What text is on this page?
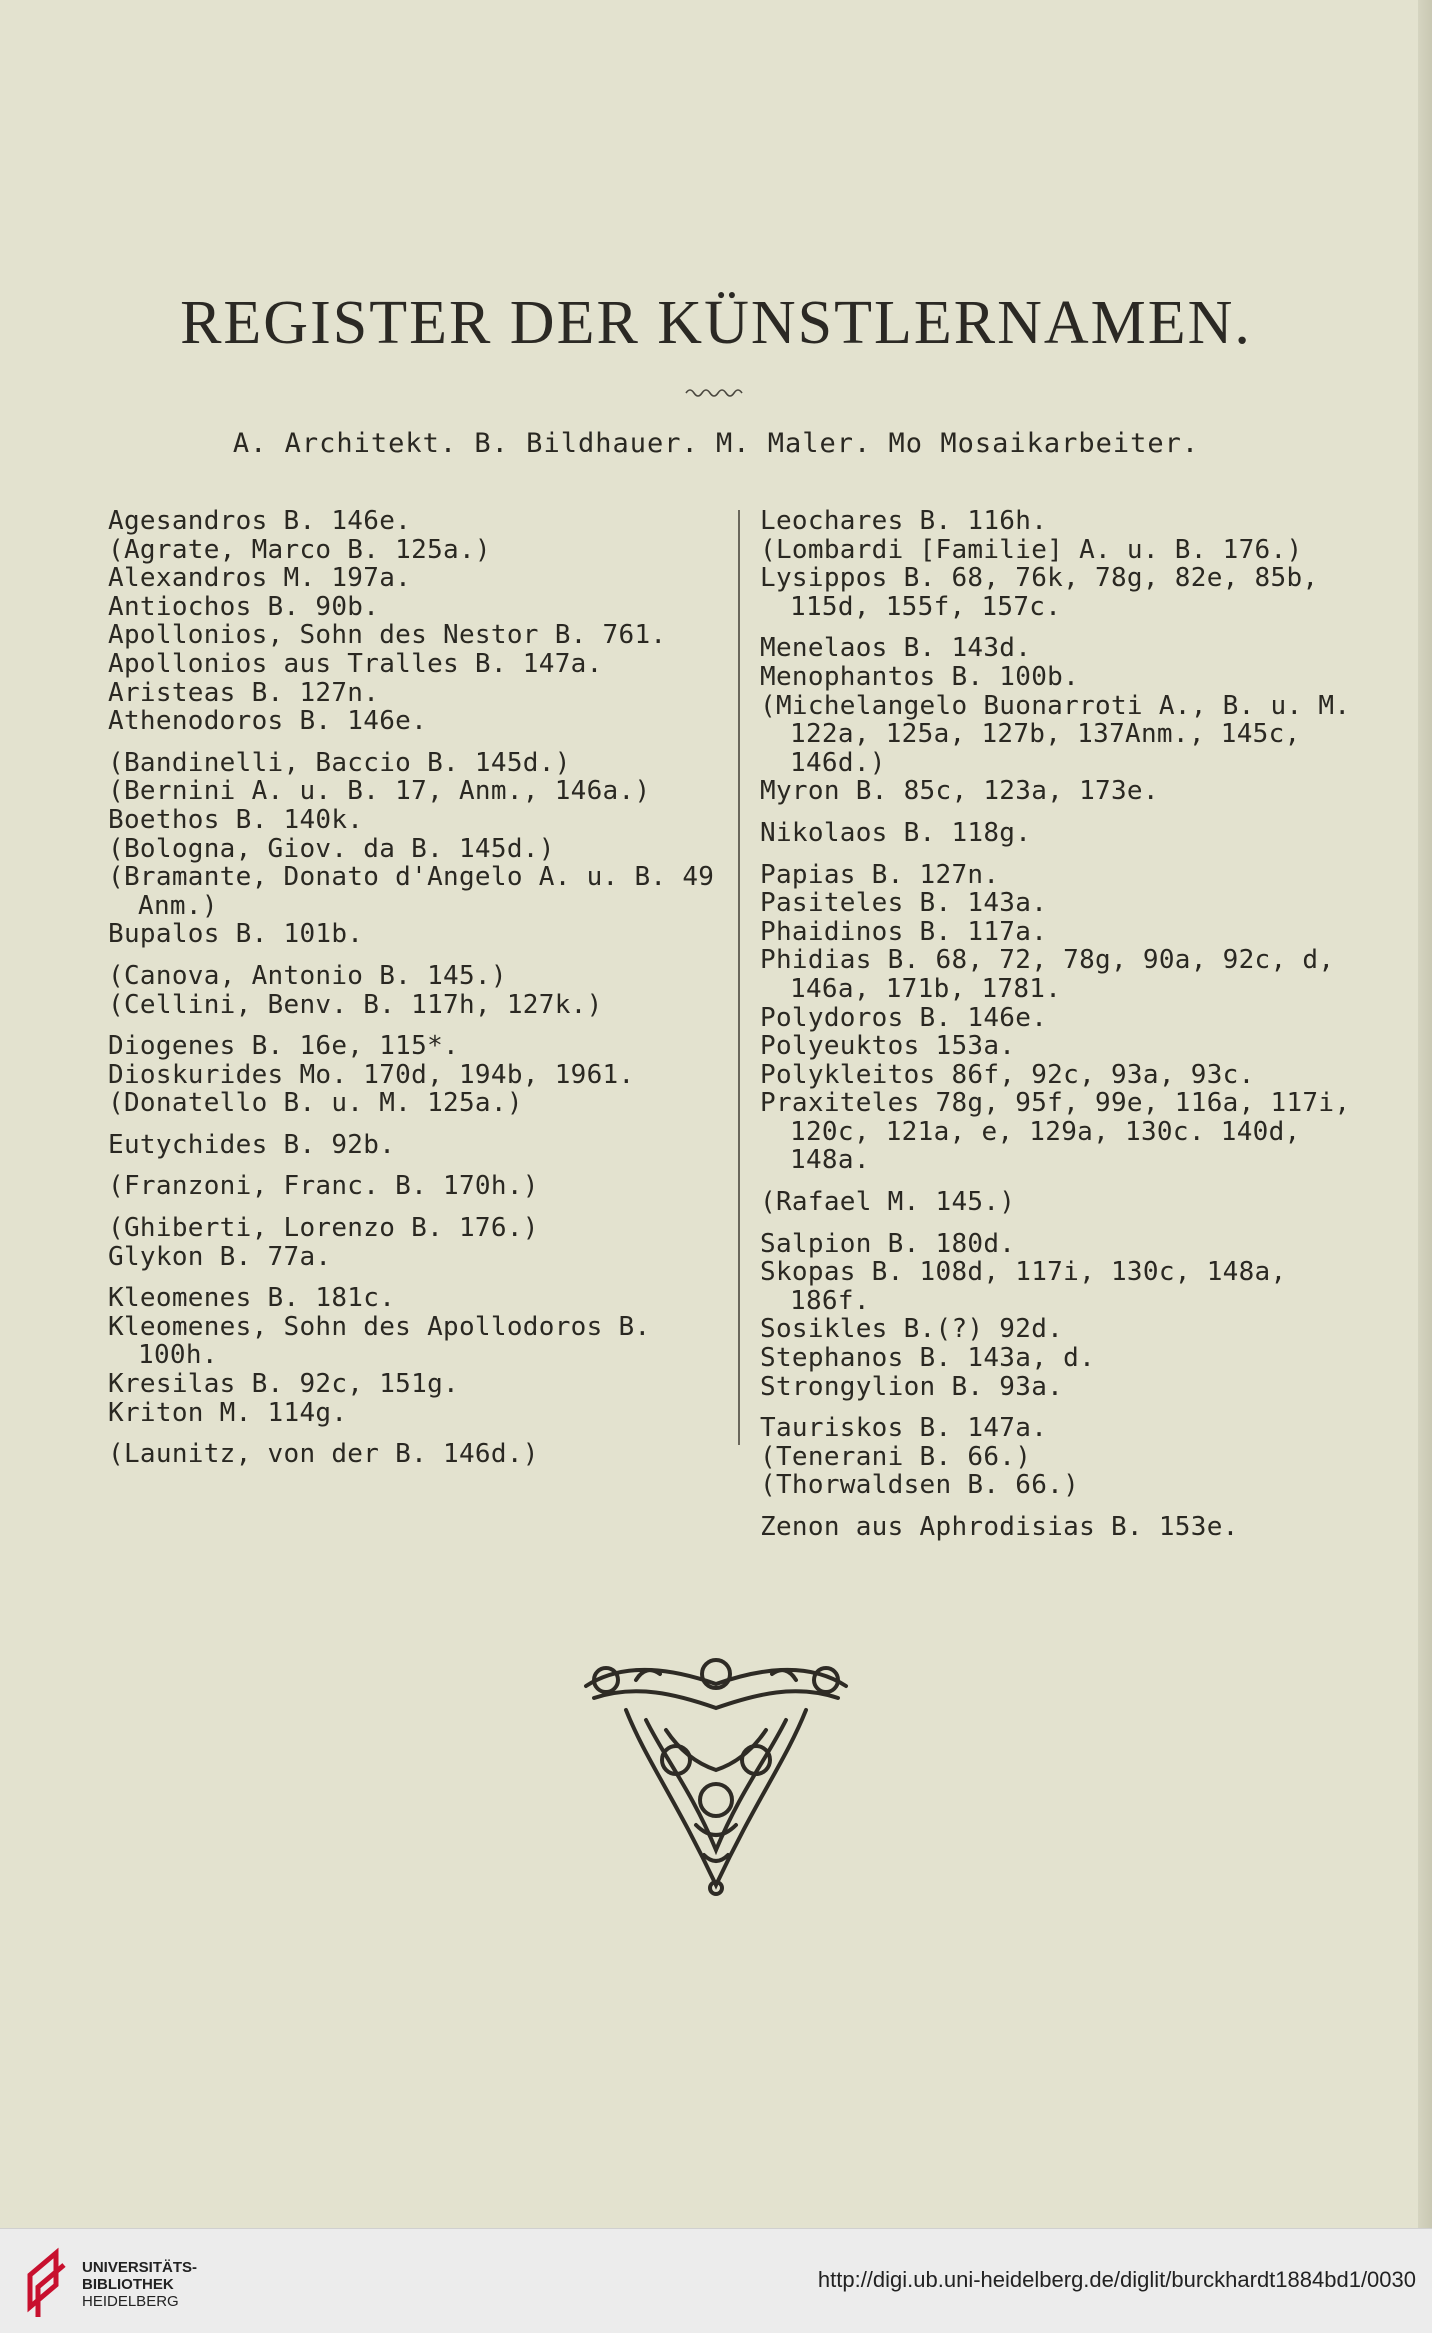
REGISTER DER KÜNSTLERNAMEN.
A. Architekt. B. Bildhauer. M. Maler. Mo Mosaikarbeiter.
Agesandros B. 146e.
(Agrate, Marco B. 125a.)
Alexandros M. 197a.
Antiochos B. 90b.
Apollonios, Sohn des Nestor B. 761.
Apollonios aus Tralles B. 147a.
Aristeas B. 127n.
Athenodoros B. 146e.
(Bandinelli, Baccio B. 145d.)
(Bernini A. u. B. 17, Anm., 146a.)
Boethos B. 140k.
(Bologna, Giov. da B. 145d.)
(Bramante, Donato d'Angelo A. u. B. 49 Anm.)
Bupalos B. 101b.
(Canova, Antonio B. 145.)
(Cellini, Benv. B. 117h, 127k.)
Diogenes B. 16e, 115*.
Dioskurides Mo. 170d, 194b, 1961.
(Donatello B. u. M. 125a.)
Eutychides B. 92b.
(Franzoni, Franc. B. 170h.)
(Ghiberti, Lorenzo B. 176.)
Glykon B. 77a.
Kleomenes B. 181c.
Kleomenes, Sohn des Apollodoros B. 100h.
Kresilas B. 92c, 151g.
Kriton M. 114g.
(Launitz, von der B. 146d.)
Leochares B. 116h.
(Lombardi [Familie] A. u. B. 176.)
Lysippos B. 68, 76k, 78g, 82e, 85b, 115d, 155f, 157c.
Menelaos B. 143d.
Menophantos B. 100b.
(Michelangelo Buonarroti A., B. u. M. 122a, 125a, 127b, 137Anm., 145c, 146d.)
Myron B. 85c, 123a, 173e.
Nikolaos B. 118g.
Papias B. 127n.
Pasiteles B. 143a.
Phaidinos B. 117a.
Phidias B. 68, 72, 78g, 90a, 92c, d, 146a, 171b, 1781.
Polydoros B. 146e.
Polyeuktos 153a.
Polykleitos 86f, 92c, 93a, 93c.
Praxiteles 78g, 95f, 99e, 116a, 117i, 120c, 121a, e, 129a, 130c. 140d, 148a.
(Rafael M. 145.)
Salpion B. 180d.
Skopas B. 108d, 117i, 130c, 148a, 186f.
Sosikles B.(?) 92d.
Stephanos B. 143a, d.
Strongylion B. 93a.
Tauriskos B. 147a.
(Tenerani B. 66.)
(Thorwaldsen B. 66.)
Zenon aus Aphrodisias B. 153e.
UNIVERSITÄTS-
BIBLIOTHEK
HEIDELBERG
http://digi.ub.uni-heidelberg.de/diglit/burckhardt1884bd1/0030
